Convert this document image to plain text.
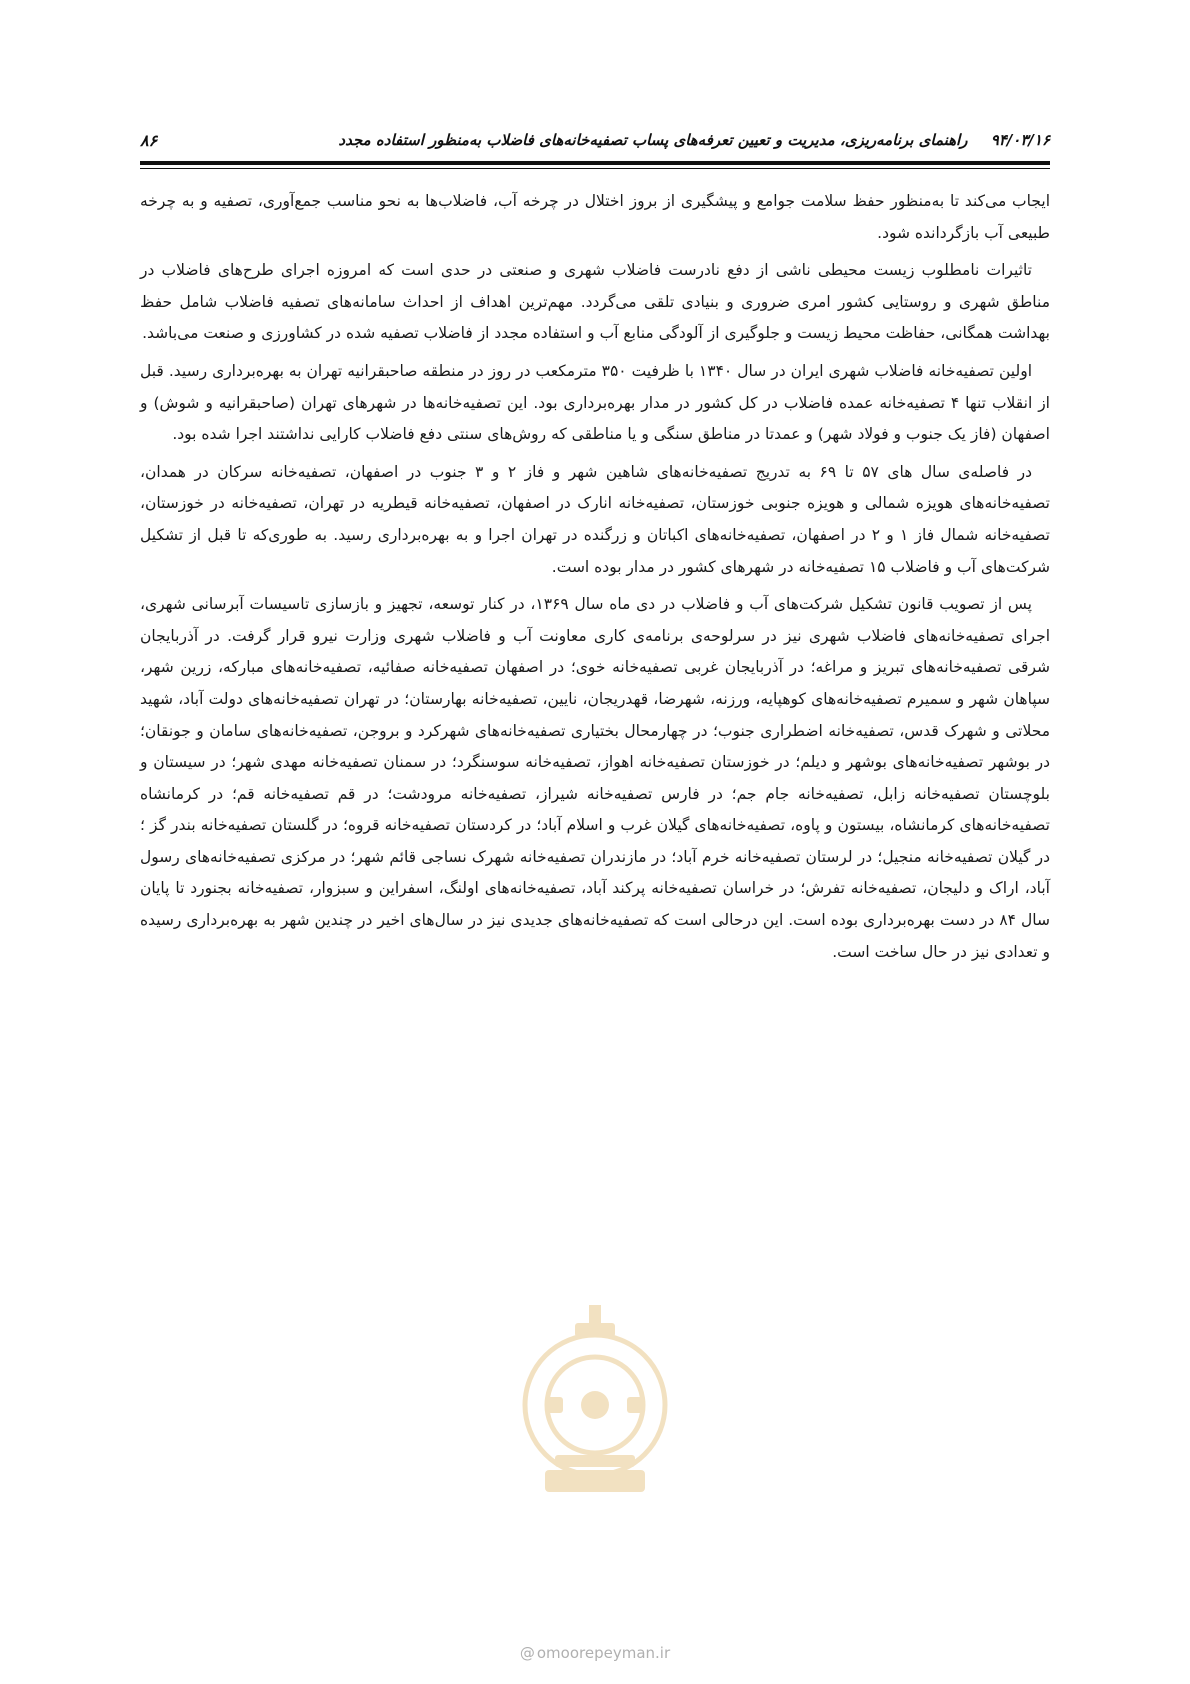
۹۴/۰۳/۱۶ راهنمای برنامه‌ریزی، مدیریت و تعیین تعرفه‌های پساب تصفیه‌خانه‌های فاضلاب به‌منظور استفاده مجدد
۸۶

ایجاب می‌کند تا به‌منظور حفظ سلامت جوامع و پیشگیری از بروز اختلال در چرخه آب، فاضلاب‌ها به نحو مناسب جمع‌آوری، تصفیه و به چرخه طبیعی آب بازگردانده شود.

تاثیرات نامطلوب زیست محیطی ناشی از دفع نادرست فاضلاب شهری و صنعتی در حدی است که امروزه اجرای طرح‌های فاضلاب در مناطق شهری و روستایی کشور امری ضروری و بنیادی تلقی می‌گردد. مهم‌ترین اهداف از احداث سامانه‌های تصفیه فاضلاب شامل حفظ بهداشت همگانی، حفاظت محیط زیست و جلوگیری از آلودگی منابع آب و استفاده مجدد از فاضلاب تصفیه شده در کشاورزی و صنعت می‌باشد.

اولین تصفیه‌خانه فاضلاب شهری ایران در سال ۱۳۴۰ با ظرفیت ۳۵۰ مترمکعب در روز در منطقه صاحبقرانیه تهران به بهره‌برداری رسید. قبل از انقلاب تنها ۴ تصفیه‌خانه عمده فاضلاب در کل کشور در مدار بهره‌برداری بود. این تصفیه‌خانه‌ها در شهرهای تهران (صاحبقرانیه و شوش) و اصفهان (فاز یک جنوب و فولاد شهر) و عمدتا در مناطق سنگی و یا مناطقی که روش‌های سنتی دفع فاضلاب کارایی نداشتند اجرا شده بود.

در فاصله‌ی سال های ۵۷ تا ۶۹ به تدریج تصفیه‌خانه‌های شاهین شهر و فاز ۲ و ۳ جنوب در اصفهان، تصفیه‌خانه سرکان در همدان، تصفیه‌خانه‌های هویزه شمالی و هویزه جنوبی خوزستان، تصفیه‌خانه انارک در اصفهان، تصفیه‌خانه قیطریه در تهران، تصفیه‌خانه در خوزستان، تصفیه‌خانه شمال فاز ۱ و ۲ در اصفهان، تصفیه‌خانه‌های اکباتان و زرگنده در تهران اجرا و به بهره‌برداری رسید. به طوری‌که تا قبل از تشکیل شرکت‌های آب و فاضلاب ۱۵ تصفیه‌خانه در شهرهای کشور در مدار بوده است.

پس از تصویب قانون تشکیل شرکت‌های آب و فاضلاب در دی ماه سال ۱۳۶۹، در کنار توسعه، تجهیز و بازسازی تاسیسات آبرسانی شهری، اجرای تصفیه‌خانه‌های فاضلاب شهری نیز در سرلوحه‌ی برنامه‌ی کاری معاونت آب و فاضلاب شهری وزارت نیرو قرار گرفت. در آذربایجان شرقی تصفیه‌خانه‌های تبریز و مراغه؛ در آذربایجان غربی تصفیه‌خانه خوی؛ در اصفهان تصفیه‌خانه صفائیه، تصفیه‌خانه‌های مبارکه، زرین شهر، سپاهان شهر و سمیرم تصفیه‌خانه‌های کوهپایه، ورزنه، شهرضا، قهدریجان، نایین، تصفیه‌خانه بهارستان؛ در تهران تصفیه‌خانه‌های دولت آباد، شهید محلاتی و شهرک قدس، تصفیه‌خانه اضطراری جنوب؛ در چهارمحال بختیاری تصفیه‌خانه‌های شهرکرد و بروجن، تصفیه‌خانه‌های سامان و جونقان؛ در بوشهر تصفیه‌خانه‌های بوشهر و دیلم؛ در خوزستان تصفیه‌خانه اهواز، تصفیه‌خانه سوسنگرد؛ در سمنان تصفیه‌خانه مهدی شهر؛ در سیستان و بلوچستان تصفیه‌خانه زابل، تصفیه‌خانه جام جم؛ در فارس تصفیه‌خانه شیراز، تصفیه‌خانه مرودشت؛ در قم تصفیه‌خانه قم؛ در کرمانشاه تصفیه‌خانه‌های کرمانشاه، بیستون و پاوه، تصفیه‌خانه‌های گیلان غرب و اسلام آباد؛ در کردستان تصفیه‌خانه قروه؛ در گلستان تصفیه‌خانه بندر گز ؛ در گیلان تصفیه‌خانه منجیل؛ در لرستان تصفیه‌خانه خرم آباد؛ در مازندران تصفیه‌خانه شهرک نساجی قائم شهر؛ در مرکزی تصفیه‌خانه‌های رسول آباد، اراک و دلیجان، تصفیه‌خانه تفرش؛ در خراسان تصفیه‌خانه پرکند آباد، تصفیه‌خانه‌های اولنگ، اسفراین و سبزوار، تصفیه‌خانه بجنورد تا پایان سال ۸۴ در دست بهره‌برداری بوده است. این درحالی است که تصفیه‌خانه‌های جدیدی نیز در سال‌های اخیر در چندین شهر به بهره‌برداری رسیده و تعدادی نیز در حال ساخت است.

@ omoorepeyman.ir
